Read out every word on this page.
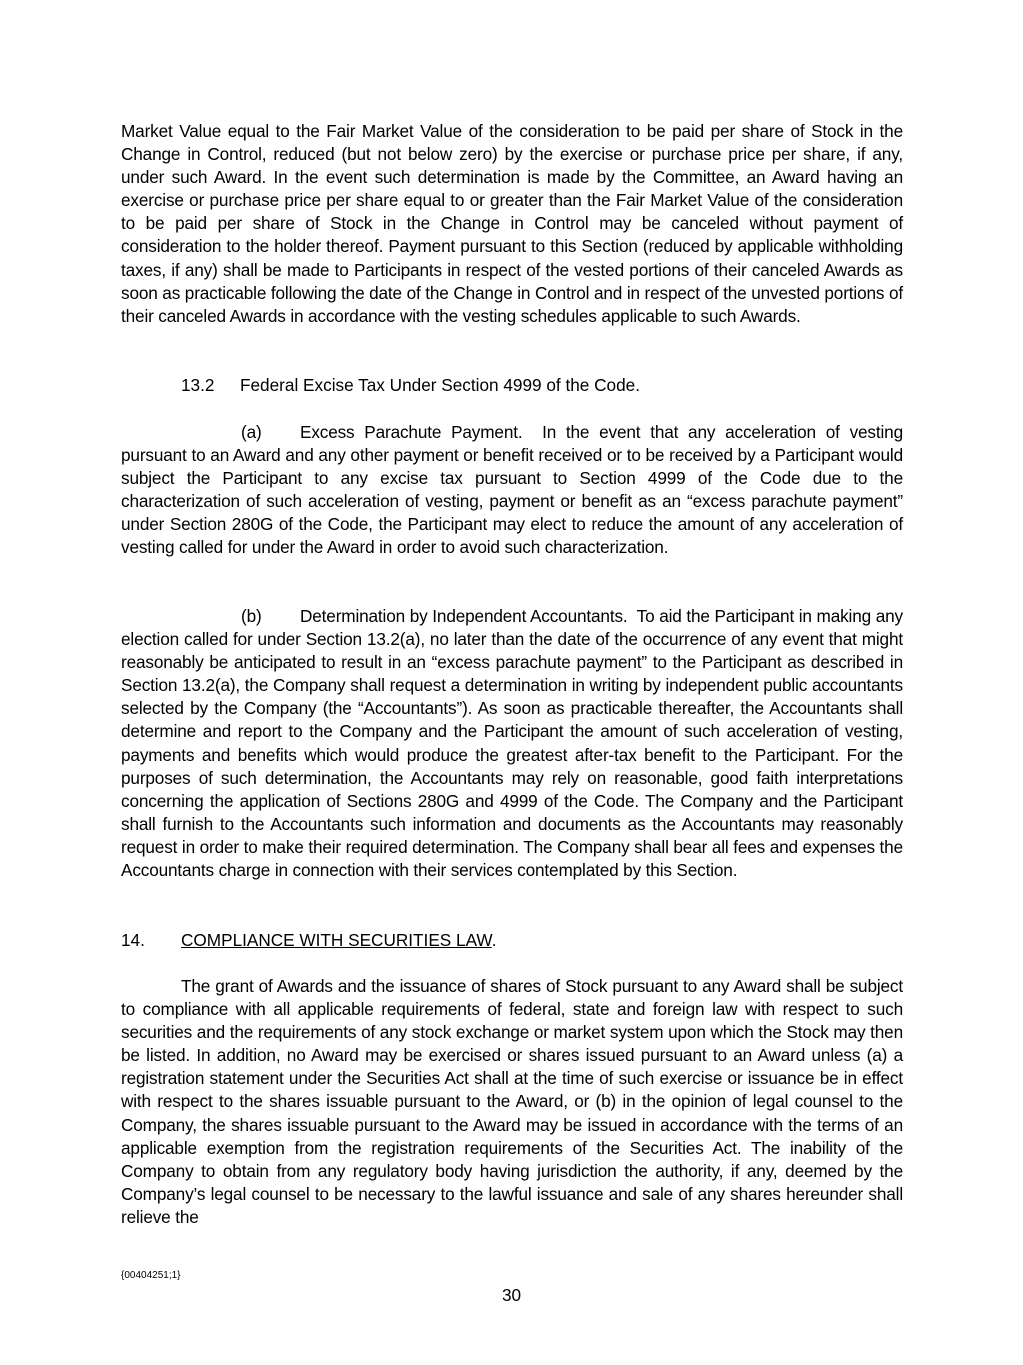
Market Value equal to the Fair Market Value of the consideration to be paid per share of Stock in the Change in Control, reduced (but not below zero) by the exercise or purchase price per share, if any, under such Award. In the event such determination is made by the Committee, an Award having an exercise or purchase price per share equal to or greater than the Fair Market Value of the consideration to be paid per share of Stock in the Change in Control may be canceled without payment of consideration to the holder thereof. Payment pursuant to this Section (reduced by applicable withholding taxes, if any) shall be made to Participants in respect of the vested portions of their canceled Awards as soon as practicable following the date of the Change in Control and in respect of the unvested portions of their canceled Awards in accordance with the vesting schedules applicable to such Awards.

13.2 Federal Excise Tax Under Section 4999 of the Code.

(a) Excess Parachute Payment. In the event that any acceleration of vesting pursuant to an Award and any other payment or benefit received or to be received by a Participant would subject the Participant to any excise tax pursuant to Section 4999 of the Code due to the characterization of such acceleration of vesting, payment or benefit as an “excess parachute payment” under Section 280G of the Code, the Participant may elect to reduce the amount of any acceleration of vesting called for under the Award in order to avoid such characterization.

(b) Determination by Independent Accountants. To aid the Participant in making any election called for under Section 13.2(a), no later than the date of the occurrence of any event that might reasonably be anticipated to result in an “excess parachute payment” to the Participant as described in Section 13.2(a), the Company shall request a determination in writing by independent public accountants selected by the Company (the “Accountants”). As soon as practicable thereafter, the Accountants shall determine and report to the Company and the Participant the amount of such acceleration of vesting, payments and benefits which would produce the greatest after-tax benefit to the Participant. For the purposes of such determination, the Accountants may rely on reasonable, good faith interpretations concerning the application of Sections 280G and 4999 of the Code. The Company and the Participant shall furnish to the Accountants such information and documents as the Accountants may reasonably request in order to make their required determination. The Company shall bear all fees and expenses the Accountants charge in connection with their services contemplated by this Section.

14. COMPLIANCE WITH SECURITIES LAW.

The grant of Awards and the issuance of shares of Stock pursuant to any Award shall be subject to compliance with all applicable requirements of federal, state and foreign law with respect to such securities and the requirements of any stock exchange or market system upon which the Stock may then be listed. In addition, no Award may be exercised or shares issued pursuant to an Award unless (a) a registration statement under the Securities Act shall at the time of such exercise or issuance be in effect with respect to the shares issuable pursuant to the Award, or (b) in the opinion of legal counsel to the Company, the shares issuable pursuant to the Award may be issued in accordance with the terms of an applicable exemption from the registration requirements of the Securities Act. The inability of the Company to obtain from any regulatory body having jurisdiction the authority, if any, deemed by the Company’s legal counsel to be necessary to the lawful issuance and sale of any shares hereunder shall relieve the

{00404251;1}
30
